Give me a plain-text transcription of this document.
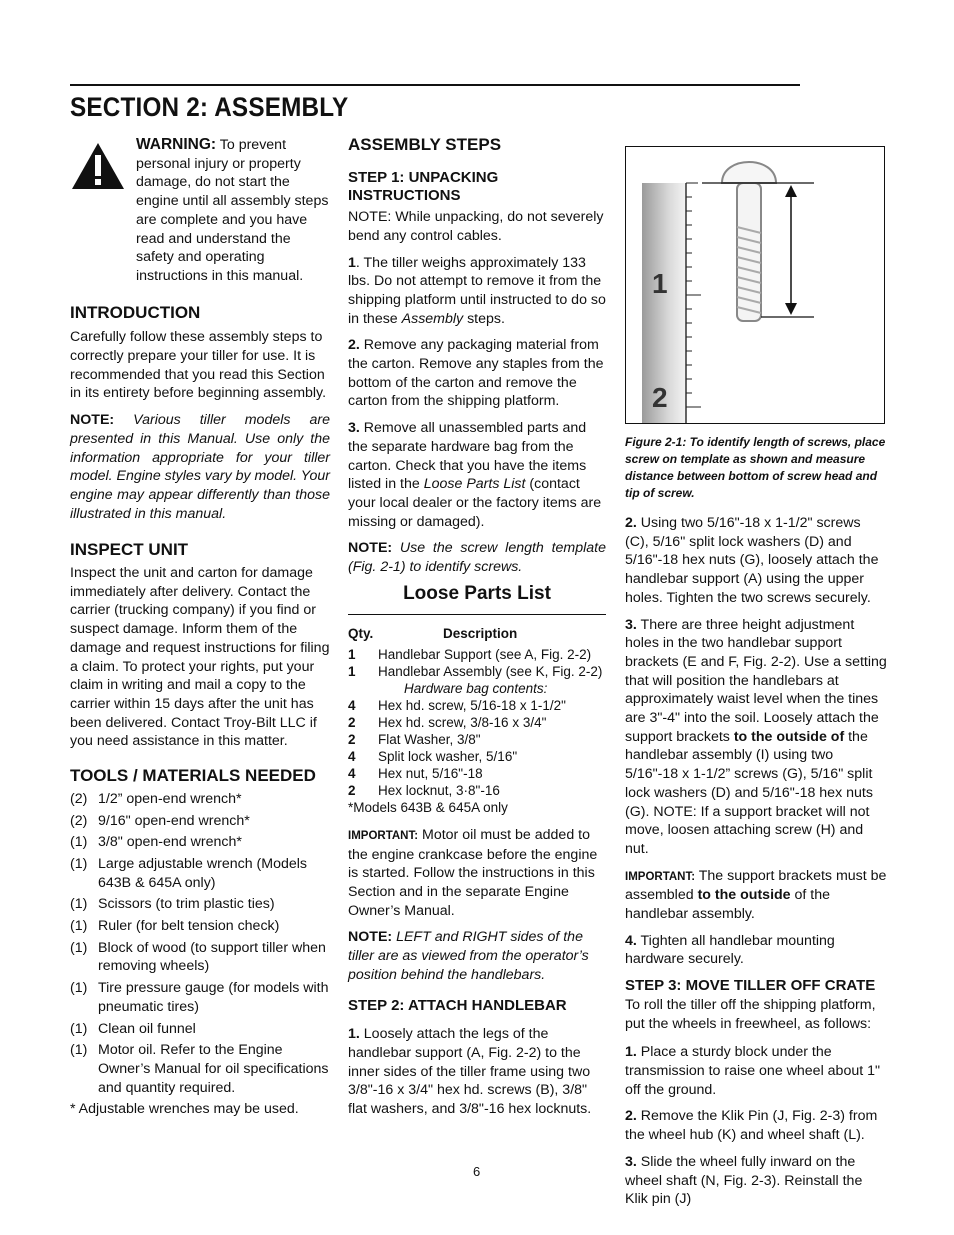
SECTION 2: ASSEMBLY
WARNING: To prevent personal injury or property damage, do not start the engine until all assembly steps are complete and you have read and understand the safety and operating instructions in this manual.
INTRODUCTION

Carefully follow these assembly steps to correctly prepare your tiller for use. It is recommended that you read this Section in its entirety before beginning assembly.

NOTE: Various tiller models are presented in this Manual. Use only the information appropriate for your tiller model. Engine styles vary by model. Your engine may appear differently than those illustrated in this manual.

INSPECT UNIT

Inspect the unit and carton for damage immediately after delivery. Contact the carrier (trucking company) if you find or suspect damage. Inform them of the damage and request instructions for filing a claim. To protect your rights, put your claim in writing and mail a copy to the carrier within 15 days after the unit has been delivered. Contact Troy-Bilt LLC if you need assistance in this matter.

TOOLS / MATERIALS NEEDED
(2) 1/2” open-end wrench*
(2) 9/16" open-end wrench*
(1) 3/8" open-end wrench*
(1) Large adjustable wrench (Models 643B & 645A only)
(1) Scissors (to trim plastic ties)
(1) Ruler (for belt tension check)
(1) Block of wood (to support tiller when removing wheels)
(1) Tire pressure gauge (for models with pneumatic tires)
(1) Clean oil funnel
(1) Motor oil. Refer to the Engine Owner’s Manual for oil specifications and quantity required.
* Adjustable wrenches may be used.
ASSEMBLY STEPS
STEP 1: UNPACKING INSTRUCTIONS

NOTE: While unpacking, do not severely bend any control cables.

1. The tiller weighs approximately 133 lbs. Do not attempt to remove it from the shipping platform until instructed to do so in these Assembly steps.

2. Remove any packaging material from the carton. Remove any staples from the bottom of the carton and remove the carton from the shipping platform.

3. Remove all unassembled parts and the separate hardware bag from the carton. Check that you have the items listed in the Loose Parts List (contact your local dealer or the factory items are missing or damaged).

NOTE: Use the screw length template (Fig. 2-1) to identify screws.

Loose Parts List
Qty.	Description
1	Handlebar Support (see A, Fig. 2-2)
1	Handlebar Assembly (see K, Fig. 2-2)
Hardware bag contents:
4	Hex hd. screw, 5/16-18 x 1-1/2"
2	Hex hd. screw, 3/8-16 x 3/4"
2	Flat Washer, 3/8"
4	Split lock washer, 5/16"
4	Hex nut, 5/16"-18
2	Hex locknut, 3·8"-16
*Models 643B & 645A only

IMPORTANT: Motor oil must be added to the engine crankcase before the engine is started. Follow the instructions in this Section and in the separate Engine Owner’s Manual.

NOTE: LEFT and RIGHT sides of the tiller are as viewed from the operator’s position behind the handlebars.

STEP 2: ATTACH HANDLEBAR

1. Loosely attach the legs of the handlebar support (A, Fig. 2-2) to the inner sides of the tiller frame using two 3/8"-16 x 3/4" hex hd. screws (B), 3/8" flat washers, and 3/8"-16 hex locknuts.

1
2
Figure 2-1: To identify length of screws, place screw on template as shown and measure distance between bottom of screw head and tip of screw.

2. Using two 5/16"-18 x 1-1/2" screws (C), 5/16" split lock washers (D) and 5/16"-18 hex nuts (G), loosely attach the handlebar support (A) using the upper holes. Tighten the two screws securely.

3. There are three height adjustment holes in the two handlebar support brackets (E and F, Fig. 2-2). Use a setting that will position the handlebars at approximately waist level when the tines are 3"-4" into the soil. Loosely attach the support brackets to the outside of the handlebar assembly (I) using two 5/16"-18 x 1-1/2” screws (G), 5/16" split lock washers (D) and 5/16"-18 hex nuts (G). NOTE: If a support bracket will not move, loosen attaching screw (H) and nut.

IMPORTANT: The support brackets must be assembled to the outside of the handlebar assembly.

4. Tighten all handlebar mounting hardware securely.

STEP 3: MOVE TILLER OFF CRATE

To roll the tiller off the shipping platform, put the wheels in freewheel, as follows:

1. Place a sturdy block under the transmission to raise one wheel about 1" off the ground.

2. Remove the Klik Pin (J, Fig. 2-3) from the wheel hub (K) and wheel shaft (L).

3. Slide the wheel fully inward on the wheel shaft (N, Fig. 2-3). Reinstall the Klik pin (J)

6
